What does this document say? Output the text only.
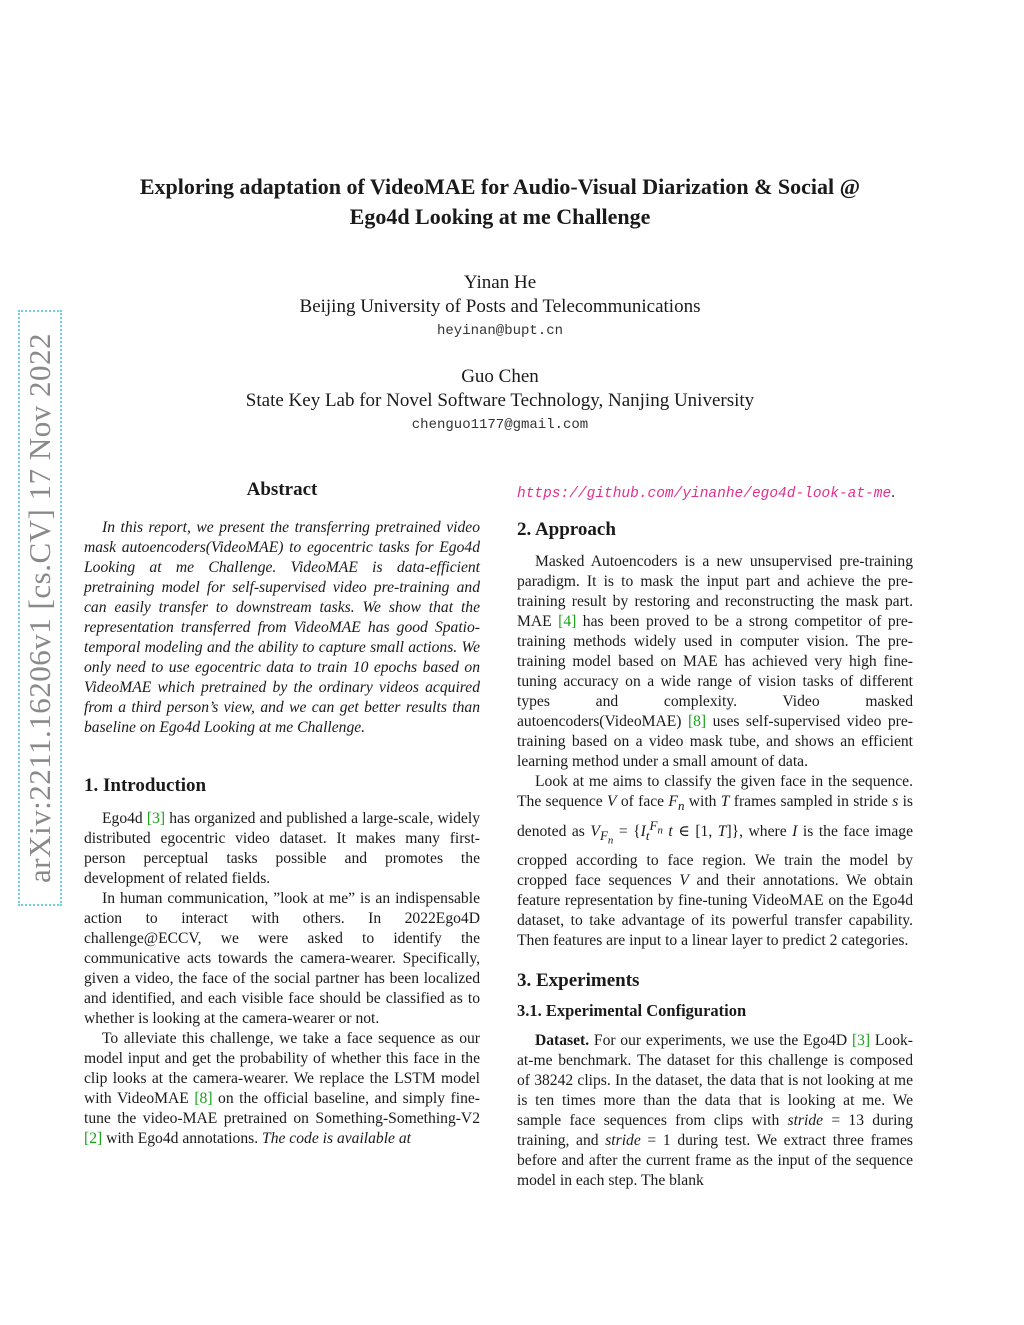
arXiv:2211.16206v1 [cs.CV] 17 Nov 2022
Exploring adaptation of VideoMAE for Audio-Visual Diarization & Social @
Ego4d Looking at me Challenge
Yinan He
Beijing University of Posts and Telecommunications
heyinan@bupt.cn
Guo Chen
State Key Lab for Novel Software Technology, Nanjing University
chenguo1177@gmail.com
Abstract

In this report, we present the transferring pretrained video mask autoencoders(VideoMAE) to egocentric tasks for Ego4d Looking at me Challenge. VideoMAE is data-efficient pretraining model for self-supervised video pre-training and can easily transfer to downstream tasks. We show that the representation transferred from VideoMAE has good Spatio-temporal modeling and the ability to capture small actions. We only need to use egocentric data to train 10 epochs based on VideoMAE which pretrained by the ordinary videos acquired from a third person’s view, and we can get better results than baseline on Ego4d Looking at me Challenge.

1. Introduction

Ego4d [3] has organized and published a large-scale, widely distributed egocentric video dataset. It makes many first-person perceptual tasks possible and promotes the development of related fields.

In human communication, ”look at me” is an indispensable action to interact with others. In 2022Ego4D challenge@ECCV, we were asked to identify the communicative acts towards the camera-wearer. Specifically, given a video, the face of the social partner has been localized and identified, and each visible face should be classified as to whether is looking at the camera-wearer or not.

To alleviate this challenge, we take a face sequence as our model input and get the probability of whether this face in the clip looks at the camera-wearer. We replace the LSTM model with VideoMAE [8] on the official baseline, and simply fine-tune the video-MAE pretrained on Something-Something-V2 [2] with Ego4d annotations. The code is available at

https://github.com/yinanhe/ego4d-look-at-me.
2. Approach

Masked Autoencoders is a new unsupervised pre-training paradigm. It is to mask the input part and achieve the pre-training result by restoring and reconstructing the mask part. MAE [4] has been proved to be a strong competitor of pre-training methods widely used in computer vision. The pre-training model based on MAE has achieved very high fine-tuning accuracy on a wide range of vision tasks of different types and complexity. Video masked autoencoders(VideoMAE) [8] uses self-supervised video pre-training based on a video mask tube, and shows an efficient learning method under a small amount of data.

Look at me aims to classify the given face in the sequence. The sequence V of face $F_n$ with T frames sampled in stride s is denoted as $V_{F_n} = \{I_t^{F_n}$ t ∈ [1, T]}, where I is the face image cropped according to face region. We train the model by cropped face sequences V and their annotations. We obtain feature representation by fine-tuning VideoMAE on the Ego4d dataset, to take advantage of its powerful transfer capability. Then features are input to a linear layer to predict 2 categories.

3. Experiments
3.1. Experimental Configuration

Dataset. For our experiments, we use the Ego4D [3] Look-at-me benchmark. The dataset for this challenge is composed of 38242 clips. In the dataset, the data that is not looking at me is ten times more than the data that is looking at me. We sample face sequences from clips with stride = 13 during training, and stride = 1 during test. We extract three frames before and after the current frame as the input of the sequence model in each step. The blank
